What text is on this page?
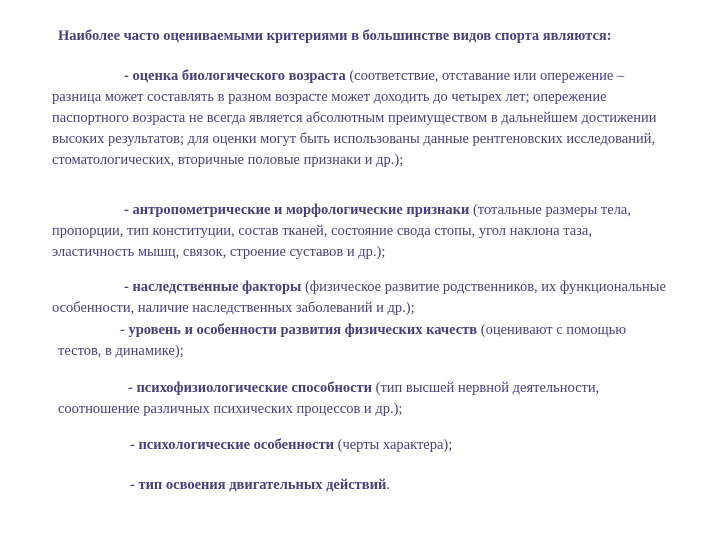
Наиболее часто оцениваемыми критериями в большинстве видов спорта являются:
- оценка биологического возраста (соответствие, отставание или опережение – разница может составлять в разном возрасте может доходить до четырех лет; опережение паспортного возраста не всегда является абсолютным преимуществом в дальнейшем достижении высоких результатов; для оценки могут быть использованы данные рентгеновских исследований, стоматологических, вторичные половые признаки и др.);
- антропометрические и морфологические признаки (тотальные размеры тела, пропорции, тип конституции, состав тканей, состояние свода стопы, угол наклона таза, эластичность мышц, связок, строение суставов и др.);
- наследственные факторы (физическое развитие родственников, их функциональные особенности, наличие наследственных заболеваний и др.);
- уровень и особенности развития физических качеств (оценивают с помощью тестов, в динамике);
- психофизиологические способности (тип высшей нервной деятельности, соотношение различных психических процессов и др.);
- психологические особенности (черты характера);
- тип освоения двигательных действий.
